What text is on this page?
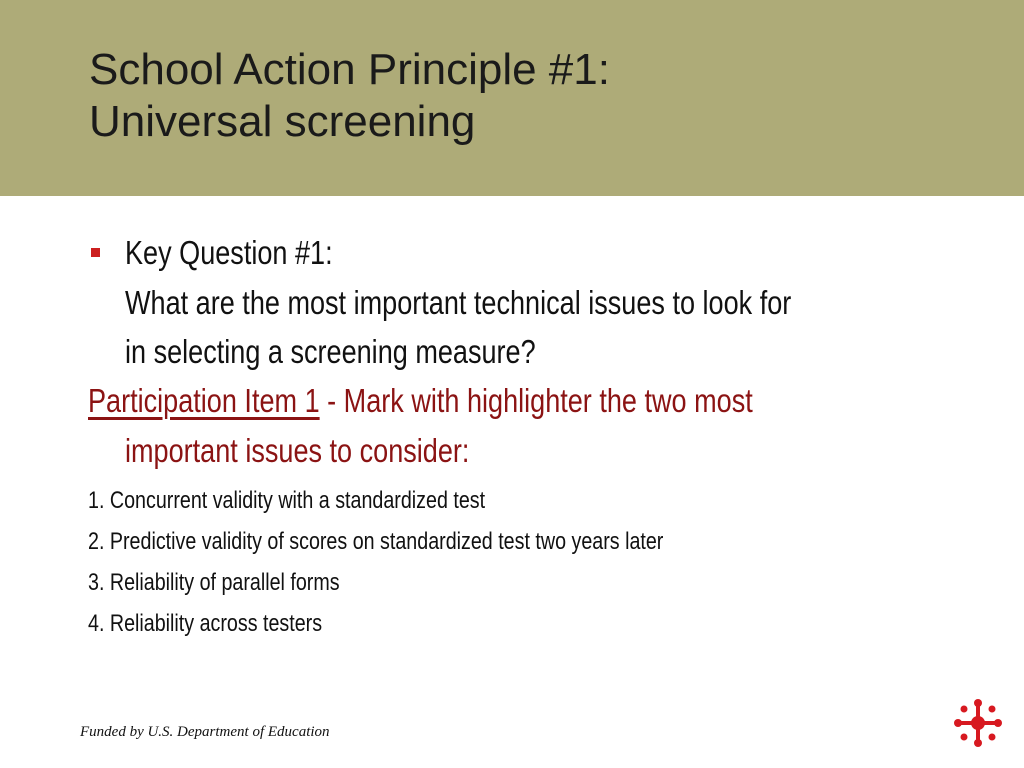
School Action Principle #1:
Universal screening
Key Question #1:
What are the most important technical issues to look for
in selecting a screening measure?
Participation Item 1 - Mark with highlighter the two most
important issues to consider:
1. Concurrent validity with a standardized test
2. Predictive validity of scores on standardized test two years later
3. Reliability of parallel forms
4. Reliability across testers
Funded by U.S. Department of Education
